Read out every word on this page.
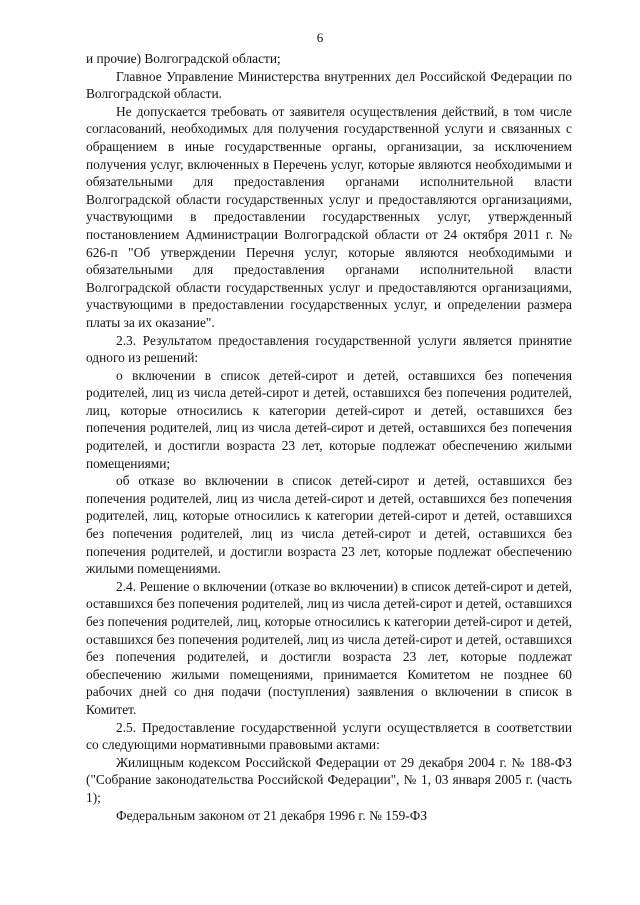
6

и прочие) Волгоградской области;

Главное Управление Министерства внутренних дел Российской Федерации по Волгоградской области.

Не допускается требовать от заявителя осуществления действий, в том числе согласований, необходимых для получения государственной услуги и связанных с обращением в иные государственные органы, организации, за исключением получения услуг, включенных в Перечень услуг, которые являются необходимыми и обязательными для предоставления органами исполнительной власти Волгоградской области государственных услуг и предоставляются организациями, участвующими в предоставлении государственных услуг, утвержденный постановлением Администрации Волгоградской области от 24 октября 2011 г. № 626-п "Об утверждении Перечня услуг, которые являются необходимыми и обязательными для предоставления органами исполнительной власти Волгоградской области государственных услуг и предоставляются организациями, участвующими в предоставлении государственных услуг, и определении размера платы за их оказание".

2.3. Результатом предоставления государственной услуги является принятие одного из решений:

о включении в список детей-сирот и детей, оставшихся без попечения родителей, лиц из числа детей-сирот и детей, оставшихся без попечения родителей, лиц, которые относились к категории детей-сирот и детей, оставшихся без попечения родителей, лиц из числа детей-сирот и детей, оставшихся без попечения родителей, и достигли возраста 23 лет, которые подлежат обеспечению жилыми помещениями;

об отказе во включении в список детей-сирот и детей, оставшихся без попечения родителей, лиц из числа детей-сирот и детей, оставшихся без попечения родителей, лиц, которые относились к категории детей-сирот и детей, оставшихся без попечения родителей, лиц из числа детей-сирот и детей, оставшихся без попечения родителей, и достигли возраста 23 лет, которые подлежат обеспечению жилыми помещениями.

2.4. Решение о включении (отказе во включении) в список детей-сирот и детей, оставшихся без попечения родителей, лиц из числа детей-сирот и детей, оставшихся без попечения родителей, лиц, которые относились к категории детей-сирот и детей, оставшихся без попечения родителей, лиц из числа детей-сирот и детей, оставшихся без попечения родителей, и достигли возраста 23 лет, которые подлежат обеспечению жилыми помещениями, принимается Комитетом не позднее 60 рабочих дней со дня подачи (поступления) заявления о включении в список в Комитет.

2.5. Предоставление государственной услуги осуществляется в соответствии со следующими нормативными правовыми актами:

Жилищным кодексом Российской Федерации от 29 декабря 2004 г. № 188-ФЗ ("Собрание законодательства Российской Федерации", № 1, 03 января 2005 г. (часть 1);

Федеральным законом от 21 декабря 1996 г. № 159-ФЗ
